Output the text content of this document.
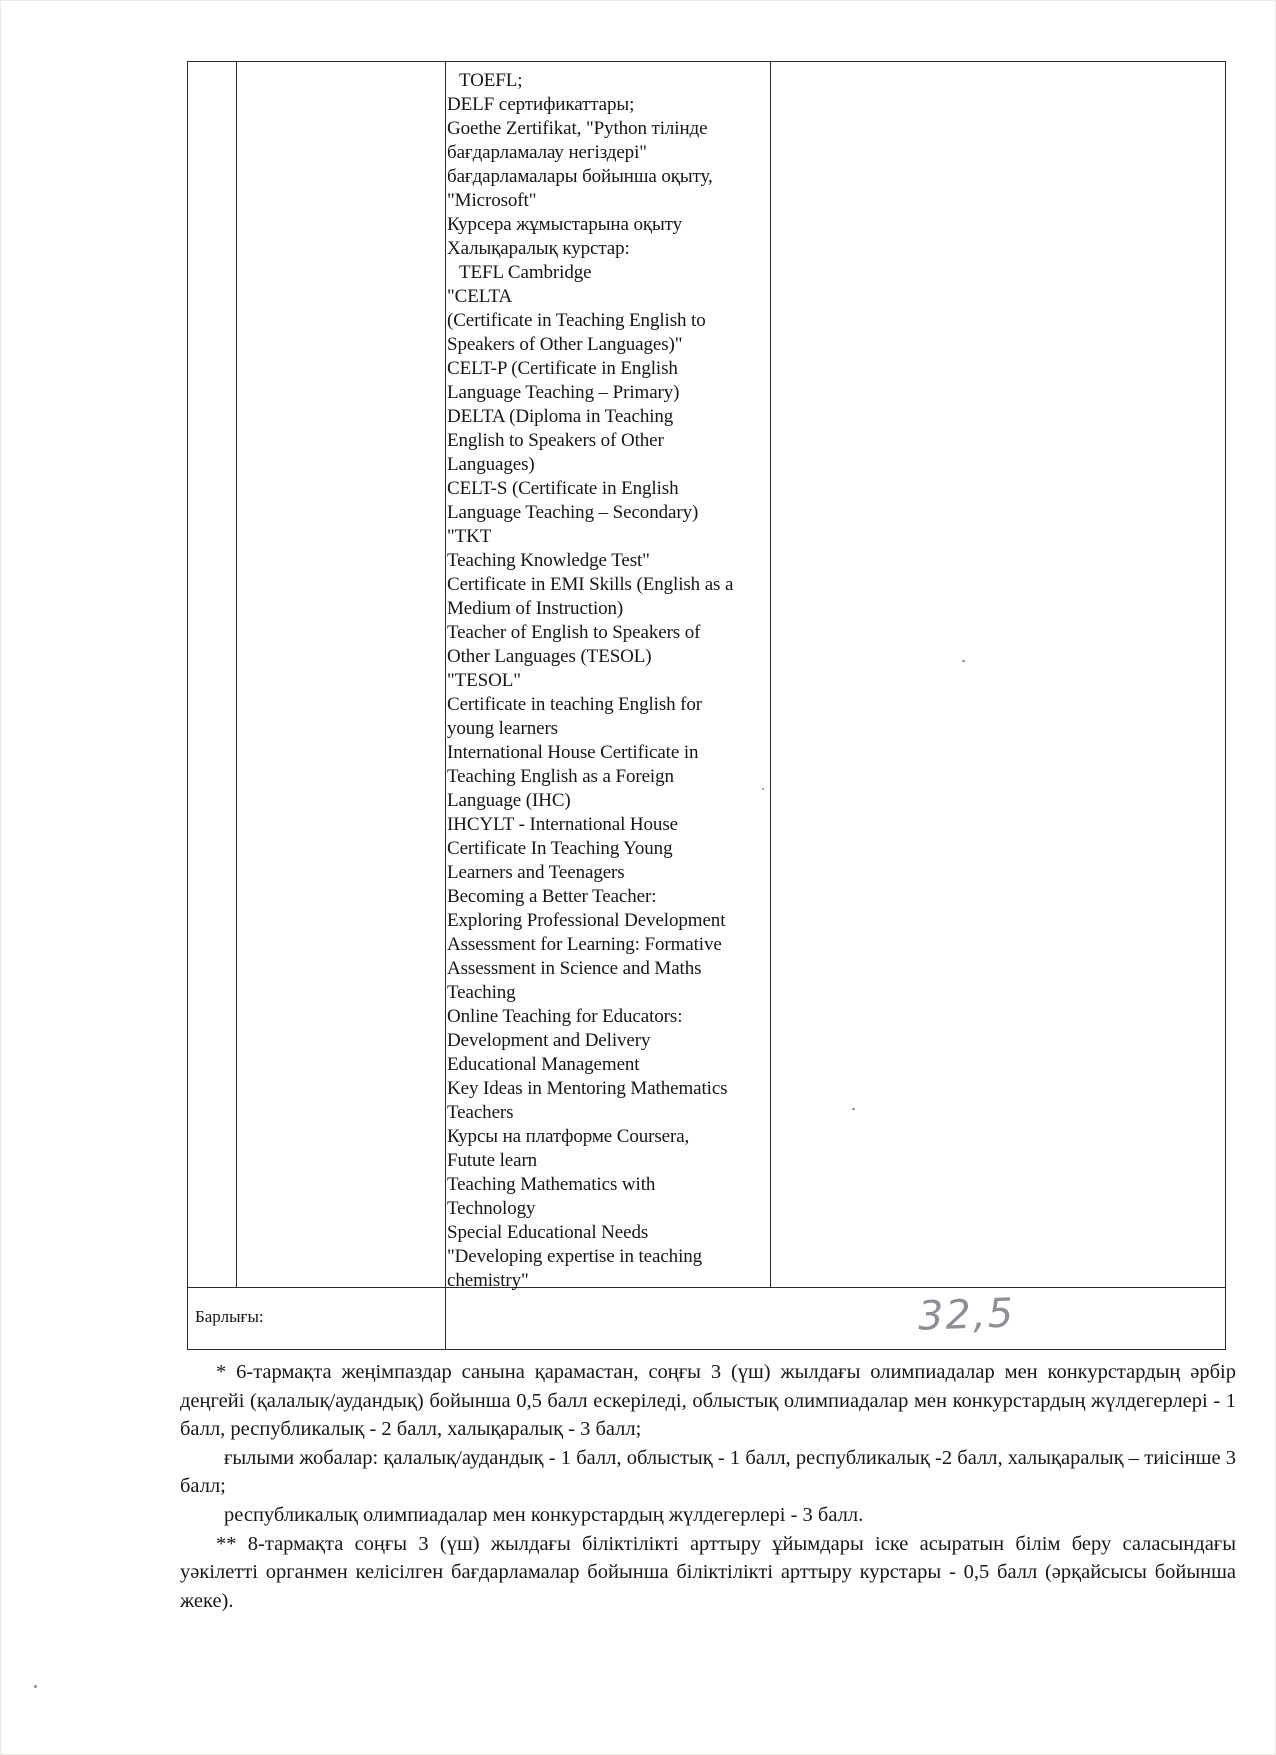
TOEFL;
DELF сертификаттары;
Goethe Zertifikat, "Python тілінде
бағдарламалау негіздері"
бағдарламалары бойынша оқыту,
"Microsoft"
Курсера жұмыстарына оқыту
Халықаралық курстар:
TEFL Cambridge
"CELTA
(Certificate in Teaching English to
Speakers of Other Languages)"
CELT-P (Certificate in English
Language Teaching – Primary)
DELTA (Diploma in Teaching
English to Speakers of Other
Languages)
CELT-S (Certificate in English
Language Teaching – Secondary)
"TKT
Teaching Knowledge Test"
Certificate in EMI Skills (English as a
Medium of Instruction)
Teacher of English to Speakers of
Other Languages (TESOL)
"TESOL"
Certificate in teaching English for
young learners
International House Certificate in
Teaching English as a Foreign
Language (IHC)
IHCYLT - International House
Certificate In Teaching Young
Learners and Teenagers
Becoming a Better Teacher:
Exploring Professional Development
Assessment for Learning: Formative
Assessment in Science and Maths
Teaching
Online Teaching for Educators:
Development and Delivery
Educational Management
Key Ideas in Mentoring Mathematics
Teachers
Курсы на платформе Coursera,
Futute learn
Teaching Mathematics with
Technology
Special Educational Needs
"Developing expertise in teaching
chemistry"
Барлығы:	32,5

* 6-тармақта жеңімпаздар санына қарамастан, соңғы 3 (үш) жылдағы олимпиадалар мен конкурстардың әрбір деңгейі (қалалық/аудандық) бойынша 0,5 балл ескеріледі, облыстық олимпиадалар мен конкурстардың жүлдегерлері - 1 балл, республикалық - 2 балл, халықаралық - 3 балл;

ғылыми жобалар: қалалық/аудандық - 1 балл, облыстық - 1 балл, республикалық -2 балл, халықаралық – тиісінше 3 балл;

республикалық олимпиадалар мен конкурстардың жүлдегерлері - 3 балл.

** 8-тармақта соңғы 3 (үш) жылдағы біліктілікті арттыру ұйымдары іске асыратын білім беру саласындағы уәкілетті органмен келісілген бағдарламалар бойынша біліктілікті арттыру курстары - 0,5 балл (әрқайсысы бойынша жеке).
